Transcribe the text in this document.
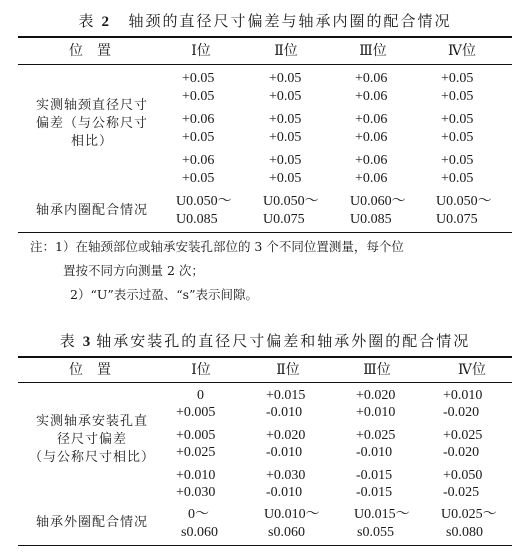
表 2 轴颈的直径尺寸偏差与轴承内圈的配合情况
位　置	Ⅰ位	Ⅱ位	Ⅲ位	Ⅳ位
实测轴颈直径尺寸
偏差（与公称尺寸
相比）
+0.05	+0.05	+0.06	+0.05
+0.05	+0.05	+0.06	+0.05
+0.06	+0.05	+0.06	+0.05
+0.05	+0.05	+0.06	+0.05
+0.06	+0.05	+0.06	+0.05
+0.05	+0.05	+0.06	+0.05
轴承内圈配合情况
U0.050～ U0.050～ U0.060～ U0.050～
U0.085	U0.075	U0.085	U0.075
注：1）在轴颈部位或轴承安装孔部位的 3 个不同位置测量，每个位
置按不同方向测量 2 次；
2）“U”表示过盈、“s”表示间隙。
表 3 轴承安装孔的直径尺寸偏差和轴承外圈的配合情况
位　置	Ⅰ位	Ⅱ位	Ⅲ位	Ⅳ位
实测轴承安装孔直
径尺寸偏差
（与公称尺寸相比）
0	+0.015	+0.020	+0.010
+0.005	-0.010	+0.010	-0.020
+0.005	+0.020	+0.025	+0.025
+0.025	-0.010	-0.010	-0.020
+0.010	+0.030	-0.015	+0.050
+0.030	-0.010	-0.015	-0.025
轴承外圈配合情况
0～	U0.010～ U0.015～ U0.025～
s0.060	s0.060	s0.055	s0.080
